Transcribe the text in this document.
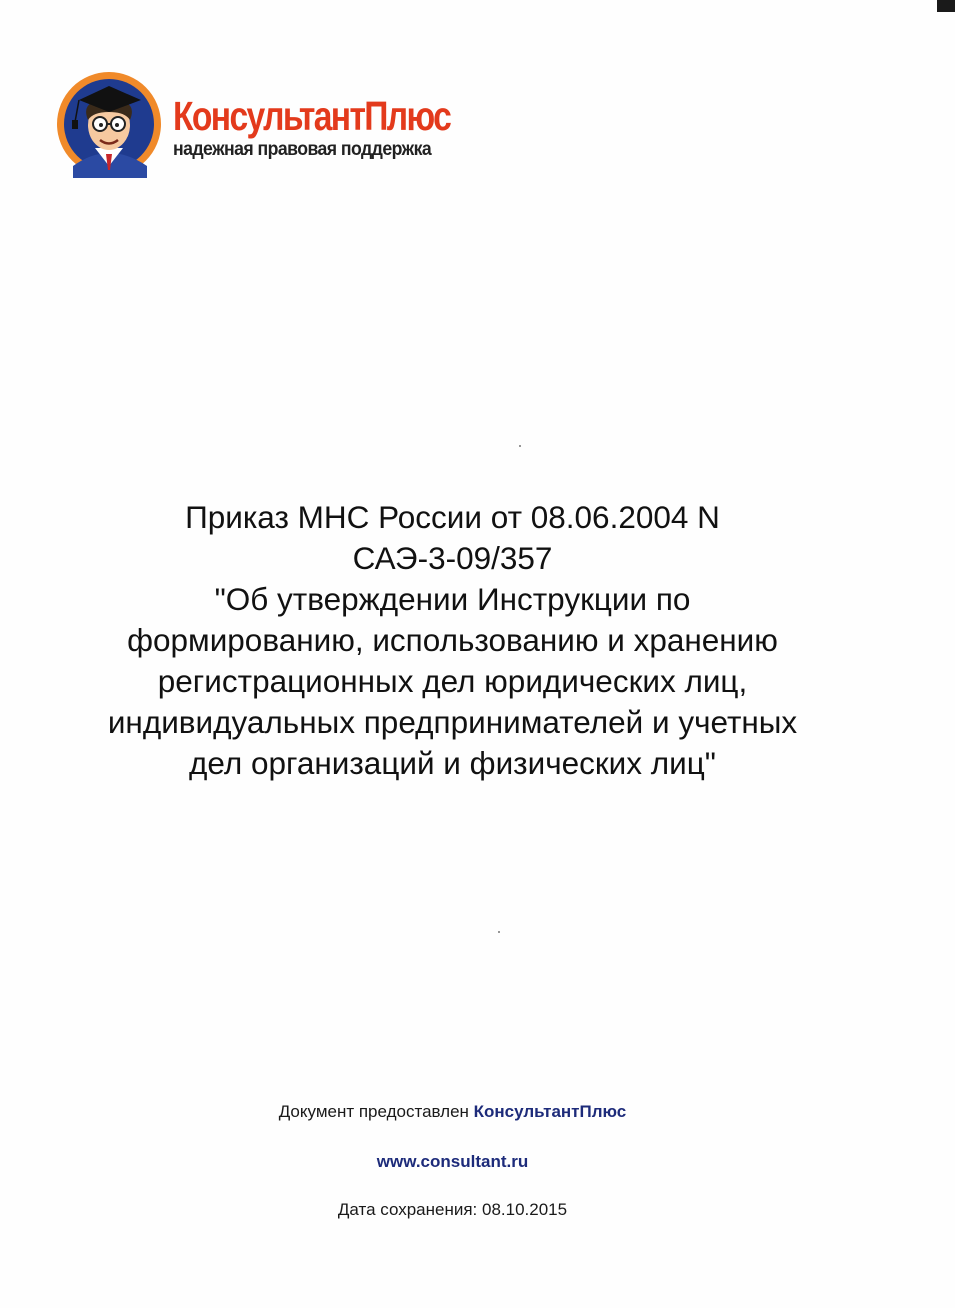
КонсультантПлюс
надежная правовая поддержка
Приказ МНС России от 08.06.2004 N
САЭ-3-09/357
"Об утверждении Инструкции по
формированию, использованию и хранению
регистрационных дел юридических лиц,
индивидуальных предпринимателей и учетных
дел организаций и физических лиц"
Документ предоставлен КонсультантПлюс
www.consultant.ru
Дата сохранения: 08.10.2015
